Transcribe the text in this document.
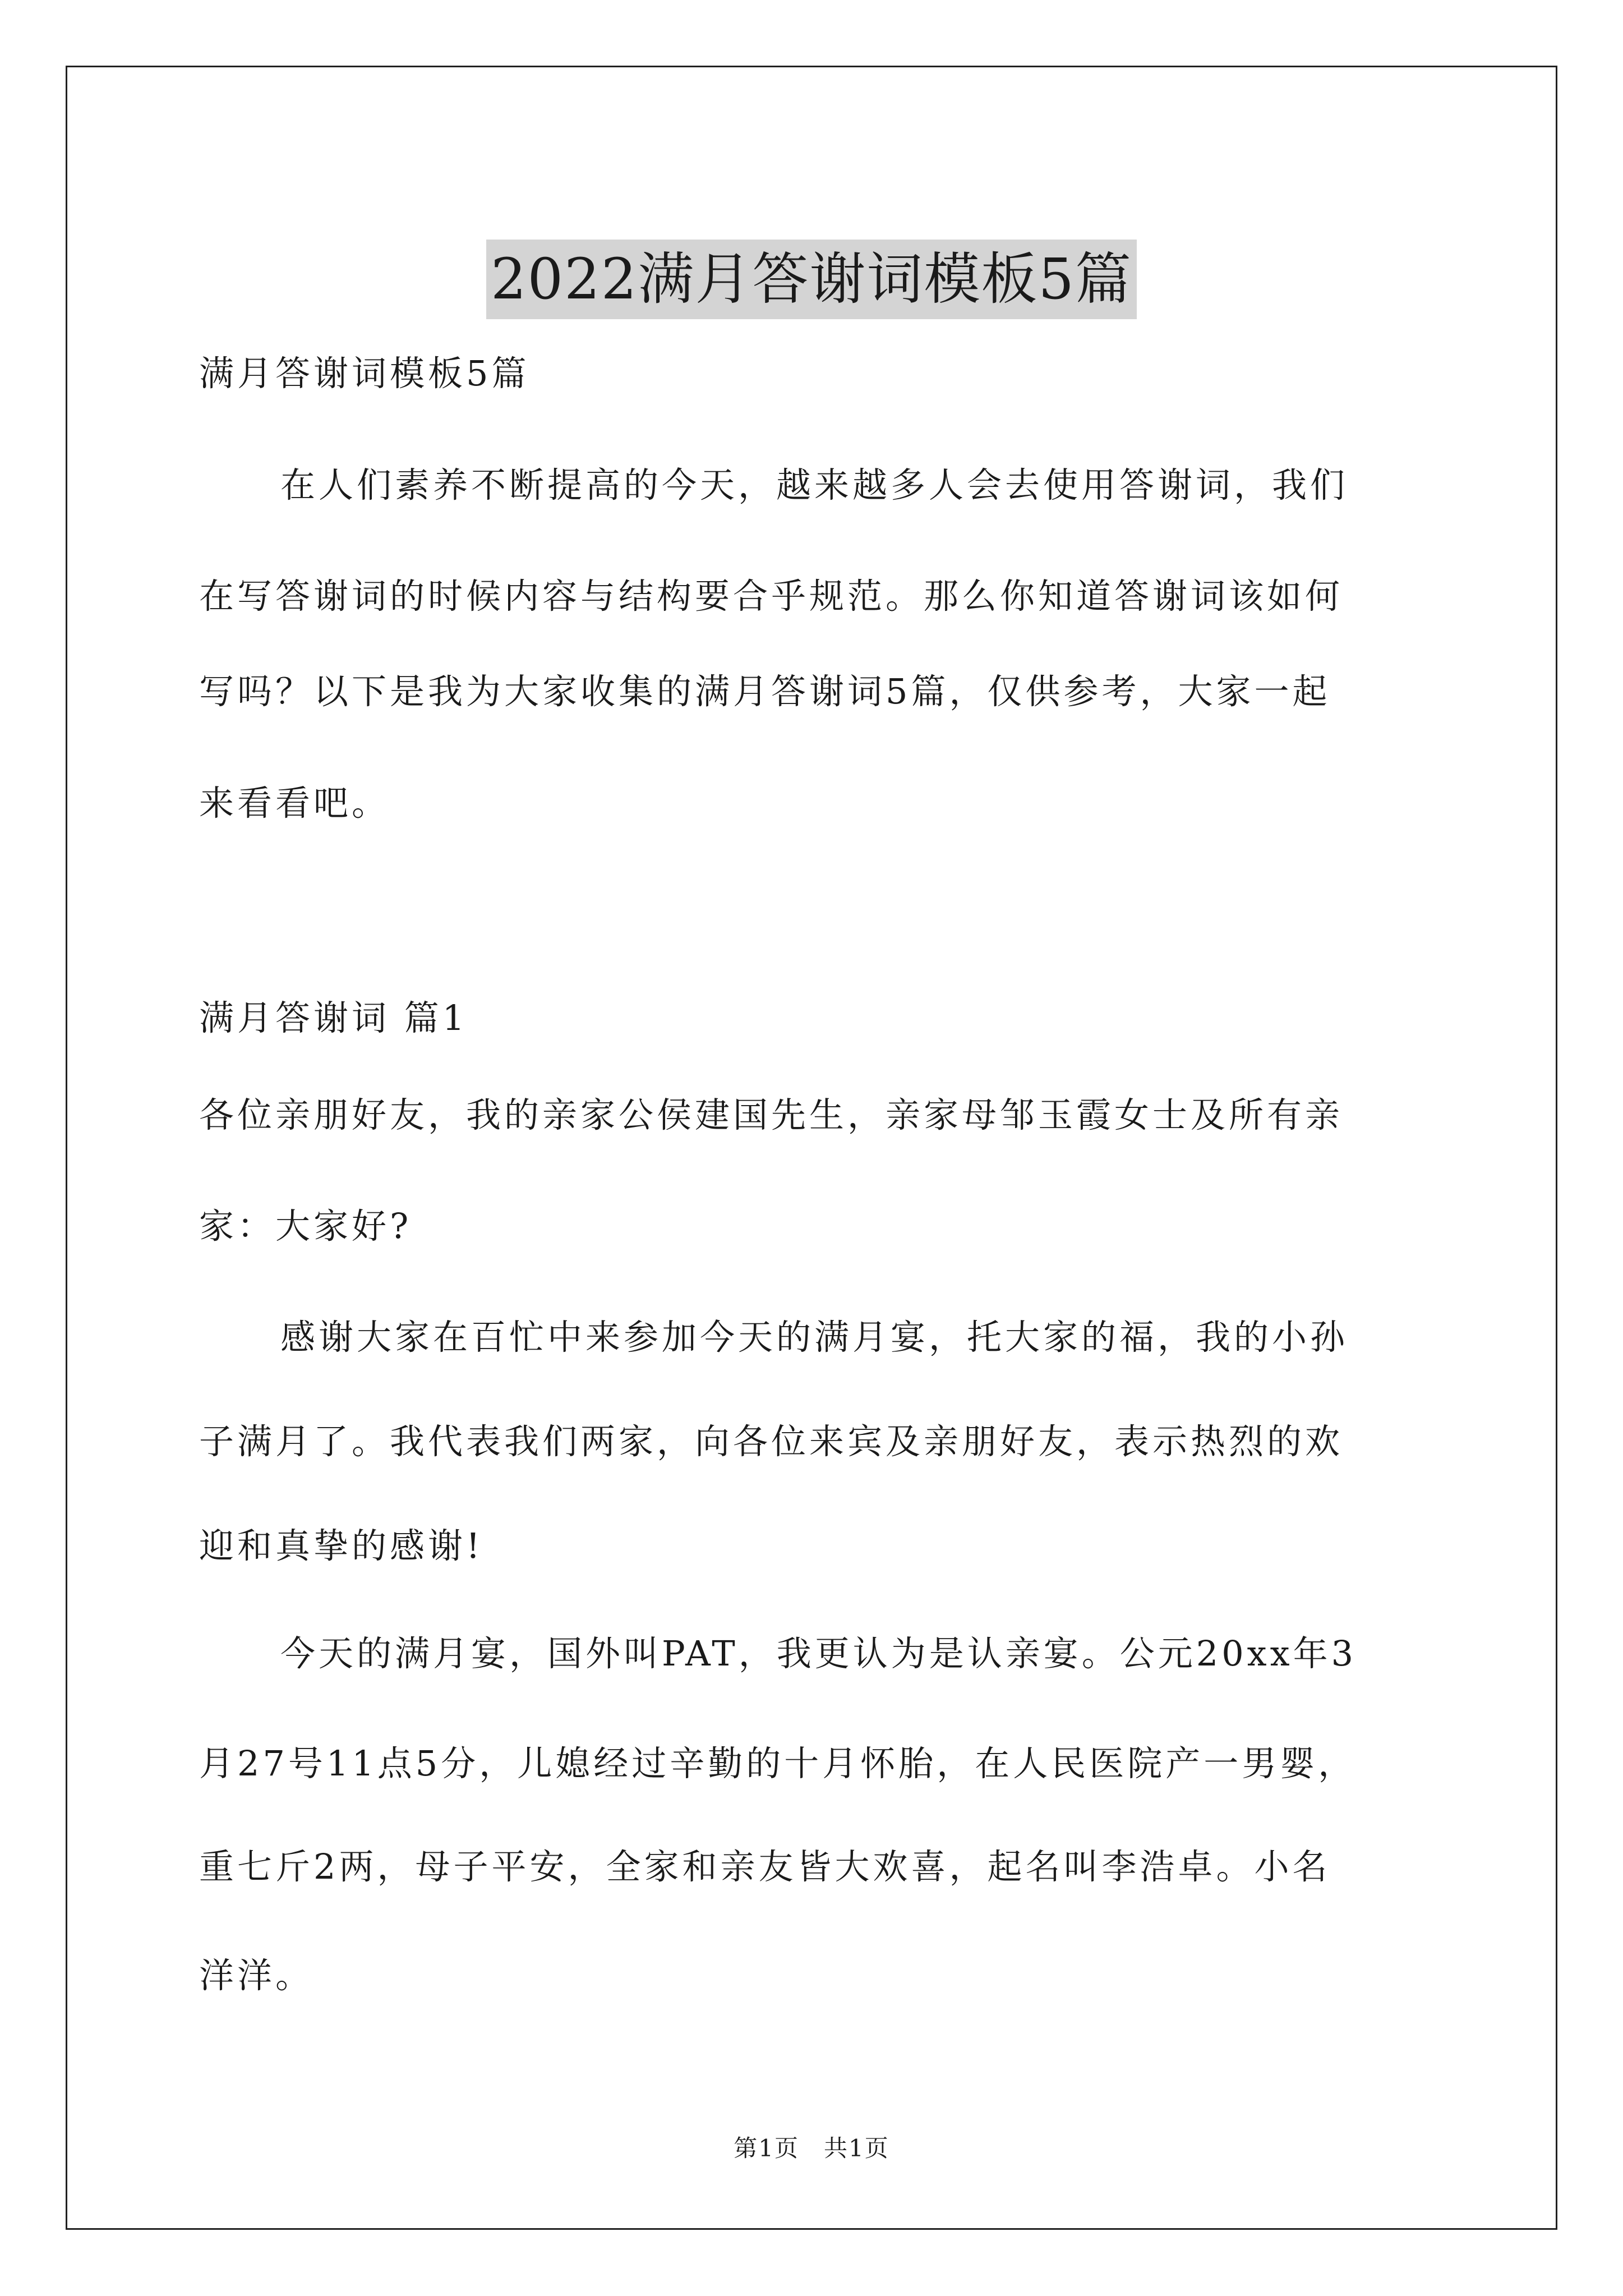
2022满月答谢词模板5篇
满月答谢词模板5篇
在人们素养不断提高的今天，越来越多人会去使用答谢词，我们
在写答谢词的时候内容与结构要合乎规范。那么你知道答谢词该如何
写吗？以下是我为大家收集的满月答谢词5篇，仅供参考，大家一起
来看看吧。
满月答谢词 篇1
各位亲朋好友，我的亲家公侯建国先生，亲家母邹玉霞女士及所有亲
家：大家好?
感谢大家在百忙中来参加今天的满月宴，托大家的福，我的小孙
子满月了。我代表我们两家，向各位来宾及亲朋好友，表示热烈的欢
迎和真挚的感谢!
今天的满月宴，国外叫PAT，我更认为是认亲宴。公元20xx年3
月27号11点5分，儿媳经过辛勤的十月怀胎，在人民医院产一男婴，
重七斤2两，母子平安，全家和亲友皆大欢喜，起名叫李浩卓。小名
洋洋。
第1页　共1页
